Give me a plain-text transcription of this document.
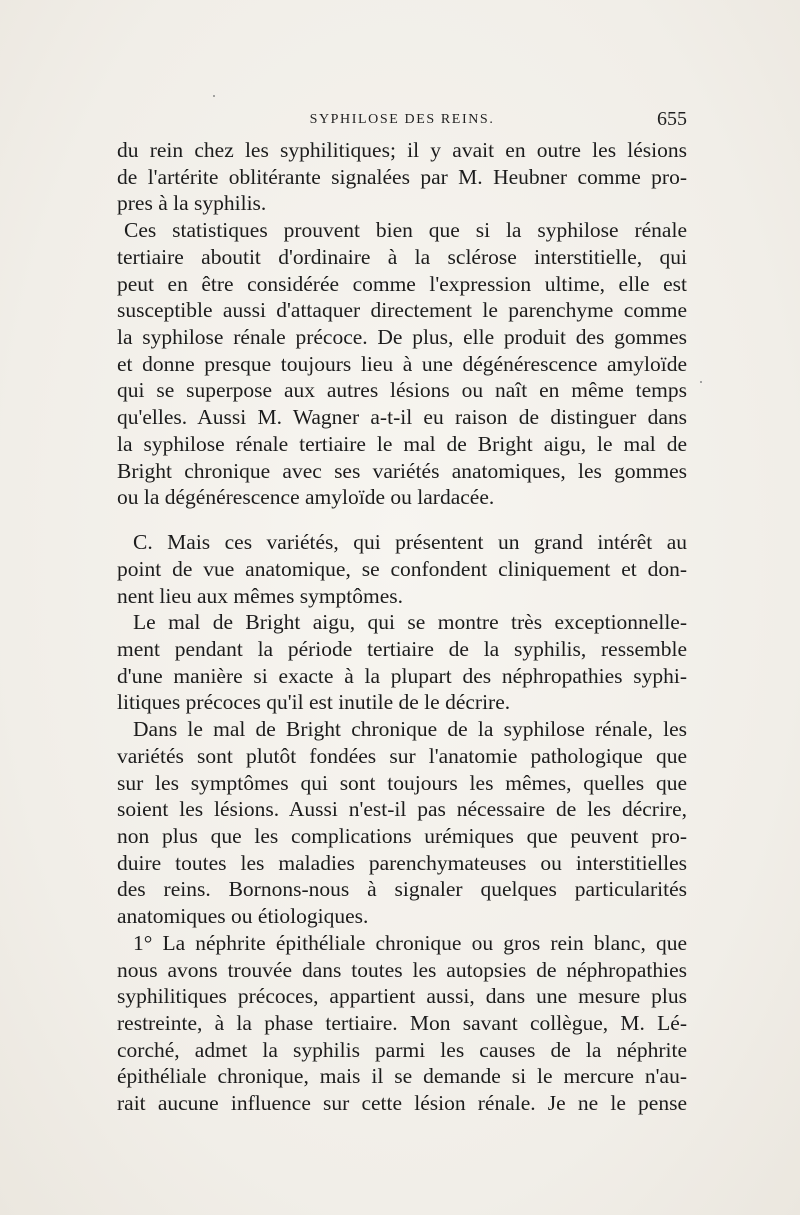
SYPHILOSE DES REINS.	655
du rein chez les syphilitiques; il y avait en outre les lésions
de l'artérite oblitérante signalées par M. Heubner comme pro-
pres à la syphilis.
Ces statistiques prouvent bien que si la syphilose rénale
tertiaire aboutit d'ordinaire à la sclérose interstitielle, qui
peut en être considérée comme l'expression ultime, elle est
susceptible aussi d'attaquer directement le parenchyme comme
la syphilose rénale précoce. De plus, elle produit des gommes
et donne presque toujours lieu à une dégénérescence amyloïde
qui se superpose aux autres lésions ou naît en même temps
qu'elles. Aussi M. Wagner a-t-il eu raison de distinguer dans
la syphilose rénale tertiaire le mal de Bright aigu, le mal de
Bright chronique avec ses variétés anatomiques, les gommes
ou la dégénérescence amyloïde ou lardacée.
C. Mais ces variétés, qui présentent un grand intérêt au
point de vue anatomique, se confondent cliniquement et don-
nent lieu aux mêmes symptômes.
Le mal de Bright aigu, qui se montre très exceptionnelle-
ment pendant la période tertiaire de la syphilis, ressemble
d'une manière si exacte à la plupart des néphropathies syphi-
litiques précoces qu'il est inutile de le décrire.
Dans le mal de Bright chronique de la syphilose rénale, les
variétés sont plutôt fondées sur l'anatomie pathologique que
sur les symptômes qui sont toujours les mêmes, quelles que
soient les lésions. Aussi n'est-il pas nécessaire de les décrire,
non plus que les complications urémiques que peuvent pro-
duire toutes les maladies parenchymateuses ou interstitielles
des reins. Bornons-nous à signaler quelques particularités
anatomiques ou étiologiques.
1° La néphrite épithéliale chronique ou gros rein blanc, que
nous avons trouvée dans toutes les autopsies de néphropathies
syphilitiques précoces, appartient aussi, dans une mesure plus
restreinte, à la phase tertiaire. Mon savant collègue, M. Lé-
corché, admet la syphilis parmi les causes de la néphrite
épithéliale chronique, mais il se demande si le mercure n'au-
rait aucune influence sur cette lésion rénale. Je ne le pense
